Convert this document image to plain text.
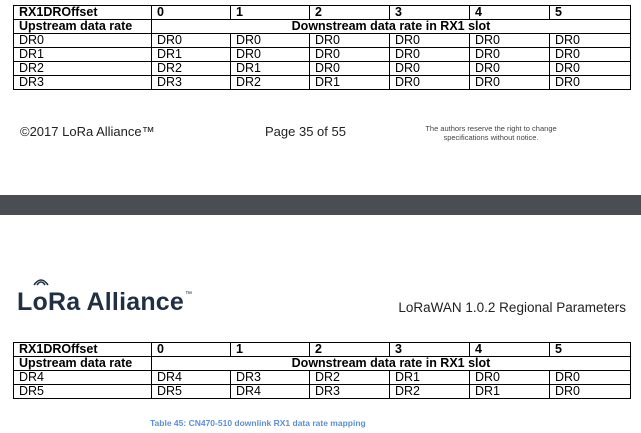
RX1DROffset	0	1	2	3	4	5
Upstream data rate	Downstream data rate in RX1 slot					
DR0	DR0	DR0	DR0	DR0	DR0	DR0
DR1	DR1	DR0	DR0	DR0	DR0	DR0
DR2	DR2	DR1	DR0	DR0	DR0	DR0
DR3	DR3	DR2	DR1	DR0	DR0	DR0
©2017 LoRa Alliance™	Page 35 of 55	The authors reserve the right to change
specifications without notice.
LoRa Alliance ™
LoRaWAN 1.0.2 Regional Parameters
RX1DROffset	0	1	2	3	4	5
Upstream data rate	Downstream data rate in RX1 slot					
DR4	DR4	DR3	DR2	DR1	DR0	DR0
DR5	DR5	DR4	DR3	DR2	DR1	DR0
Table 45: CN470-510 downlink RX1 data rate mapping
